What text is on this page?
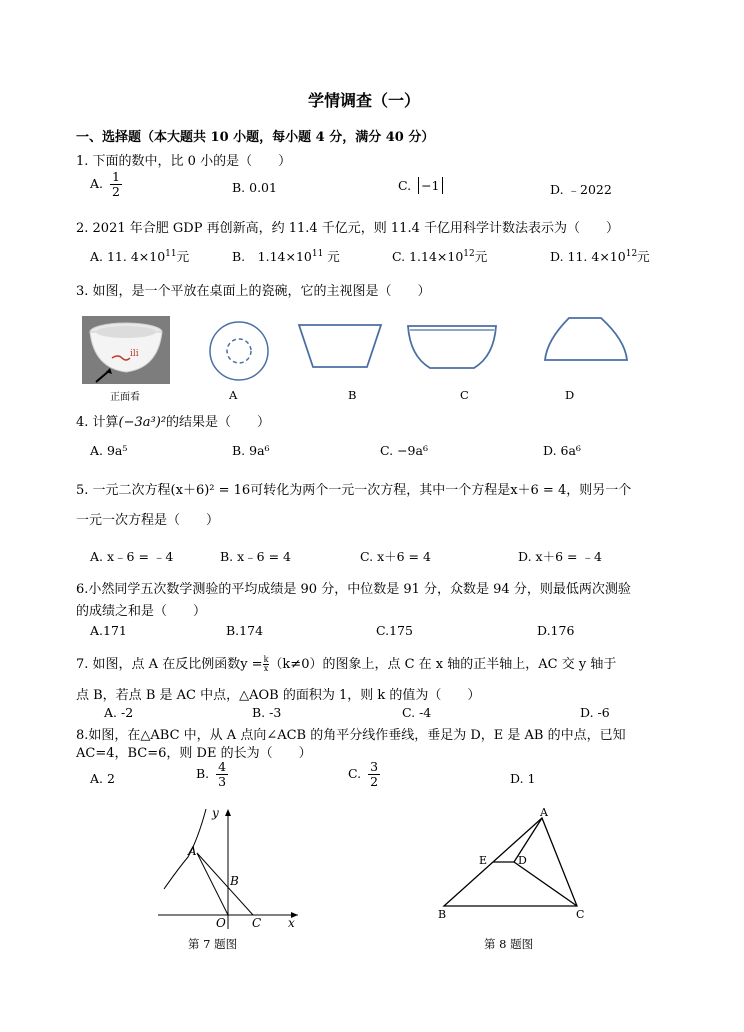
学情调查（一）
一、选择题（本大题共 10 小题，每小题 4 分，满分 40 分）
1. 下面的数中，比 0 小的是（　　）
A. $\frac{1}{2}$	B. 0.01	C. −1	D. ﹣2022
2. 2021 年合肥 GDP 再创新高，约 11.4 千亿元，则 11.4 千亿用科学计数法表示为（　　）
A. 11. $4\times 10^{11}$元	B.　$1.14\times 10^{11}$ 元	C. $1.14\times 10^{12}$元	D. 11. $4\times 10^{12}$元
3. 如图，是一个平放在桌面上的瓷碗，它的主视图是（　　）
ili
正面看	A	B	C	D
4. 计算(−3a³)²的结果是（　　）
A. 9a⁵	B. 9a⁶	C. −9a⁶	D. 6a⁶
5. 一元二次方程(x＋6)² = 16可转化为两个一元一次方程，其中一个方程是x＋6 = 4，则另一个
一元一次方程是（　　）
A. x﹣6 = ﹣4	B. x﹣6 = 4	C. x＋6 = 4	D. x＋6 = ﹣4
6.小然同学五次数学测验的平均成绩是 90 分，中位数是 91 分，众数是 94 分，则最低两次测验
的成绩之和是（　　）
A.171	B.174	C.175	D.176
7. 如图，点 A 在反比例函数$y = \frac{k}{x} (k\ne 0)$的图象上，点 C 在 x 轴的正半轴上，AC 交 y 轴于
点 B，若点 B 是 AC 中点，△AOB 的面积为 1，则 k 的值为（　　）
A. -2	B. -3	C. -4	D. -6
8.如图，在△ABC 中，从 A 点向∠ACB 的角平分线作垂线，垂足为 D，E 是 AB 的中点，已知
AC=4，BC=6，则 DE 的长为（　　）
A. 2	B. $\frac{4}{3}$	C. $\frac{3}{2}$	D. 1
y
x
A
B
O C
第 7 题图
A
B	C
D
E
第 8 题图
